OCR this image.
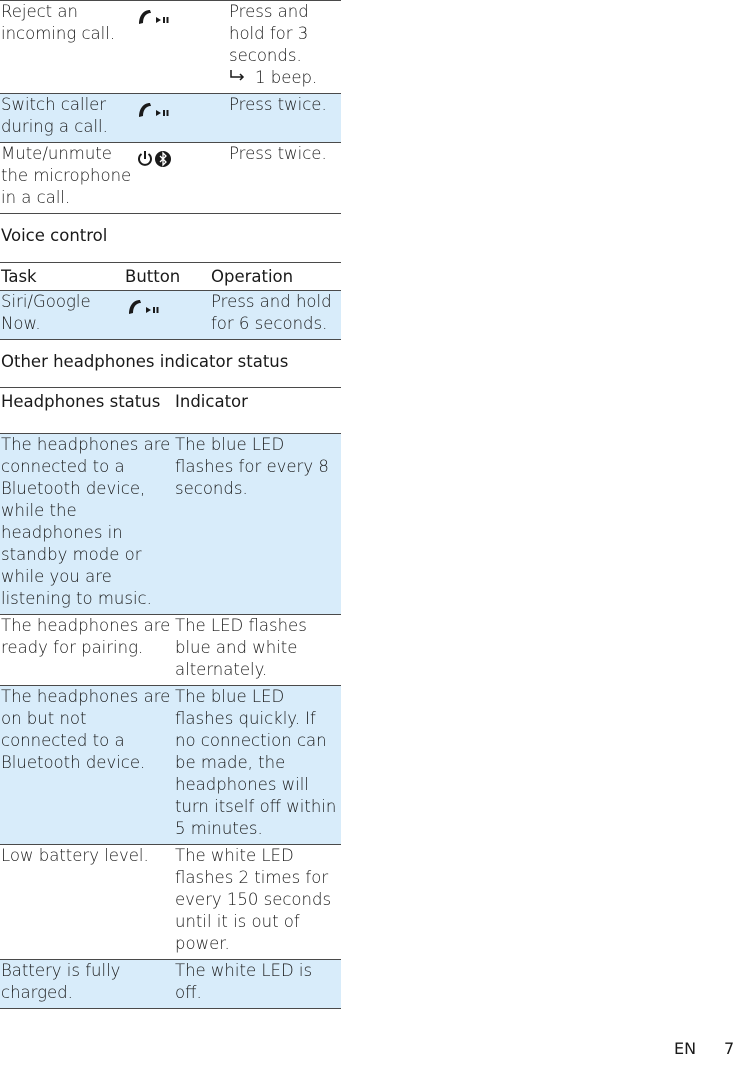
Reject an incoming call.		Press and hold for 3 seconds.
1 beep.

Switch caller during a call.		Press twice.
Mute/unmute the microphone in a call.		Press twice.
Voice control
Task	Button	Operation
Siri/Google Now.		Press and hold for 6 seconds.
Other headphones indicator status
Headphones status	Indicator
The headphones are connected to a Bluetooth device, while the headphones in standby mode or while you are listening to music.	The blue LED flashes for every 8 seconds.
The headphones are ready for pairing.	The LED flashes blue and white alternately.
The headphones are on but not connected to a Bluetooth device.	The blue LED flashes quickly. If no connection can be made, the headphones will turn itself off within 5 minutes.
Low battery level.	The white LED flashes 2 times for every 150 seconds until it is out of power.
Battery is fully charged.	The white LED is off.
EN 7
